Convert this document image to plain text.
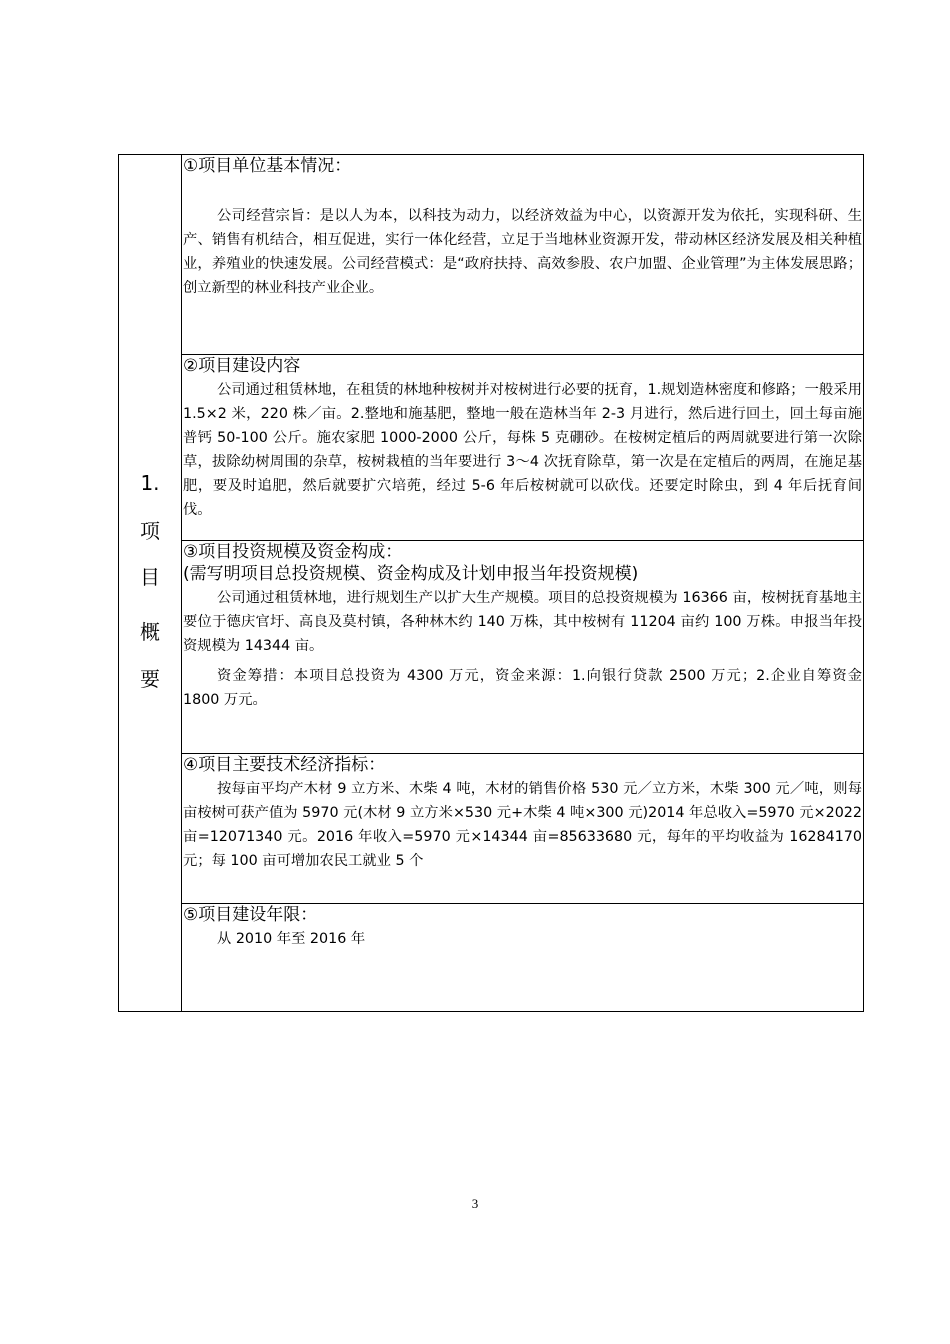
1.
项
目
概
要
①项目单位基本情况：
公司经营宗旨：是以人为本，以科技为动力，以经济效益为中心，以资源开发为依托，实现科研、生产、销售有机结合，相互促进，实行一体化经营，立足于当地林业资源开发，带动林区经济发展及相关种植业，养殖业的快速发展。公司经营模式：是“政府扶持、高效参股、农户加盟、企业管理”为主体发展思路；创立新型的林业科技产业企业。
②项目建设内容
公司通过租赁林地，在租赁的林地种桉树并对桉树进行必要的抚育，1.规划造林密度和修路；一般采用 1.5×2 米，220 株／亩。2.整地和施基肥，整地一般在造林当年 2-3 月进行，然后进行回土，回土每亩施普钙 50-100 公斤。施农家肥 1000-2000 公斤，每株 5 克硼砂。在桉树定植后的两周就要进行第一次除草，拔除幼树周围的杂草，桉树栽植的当年要进行 3～4 次抚育除草，第一次是在定植后的两周，在施足基肥，要及时追肥，然后就要扩穴培蔸，经过 5-6 年后桉树就可以砍伐。还要定时除虫，到 4 年后抚育间伐。
③项目投资规模及资金构成：
(需写明项目总投资规模、资金构成及计划申报当年投资规模)
公司通过租赁林地，进行规划生产以扩大生产规模。项目的总投资规模为 16366 亩，桉树抚育基地主要位于德庆官圩、高良及莫村镇，各种林木约 140 万株，其中桉树有 11204 亩约 100 万株。申报当年投资规模为 14344 亩。
资金筹措：本项目总投资为 4300 万元，资金来源：1.向银行贷款 2500 万元；2.企业自筹资金 1800 万元。
④项目主要技术经济指标：
按每亩平均产木材 9 立方米、木柴 4 吨，木材的销售价格 530 元／立方米，木柴 300 元／吨，则每亩桉树可获产值为 5970 元(木材 9 立方米×530 元+木柴 4 吨×300 元)2014 年总收入=5970 元×2022 亩=12071340 元。2016 年收入=5970 元×14344 亩=85633680 元，每年的平均收益为 16284170 元；每 100 亩可增加农民工就业 5 个
⑤项目建设年限：
从 2010 年至 2016 年
3
